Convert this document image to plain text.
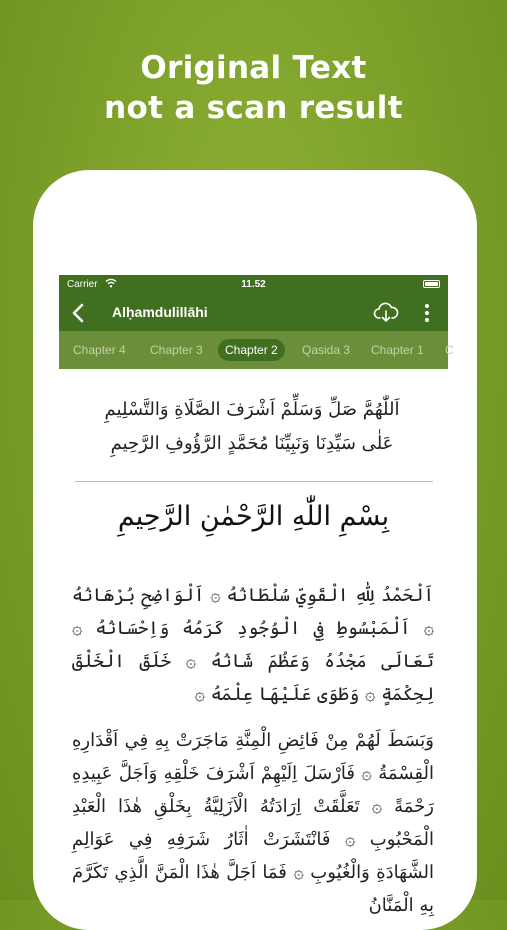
Original Text
not a scan result
Carrier	11.52
Alḥamdulillāhi
Chapter 4	Chapter 3	Chapter 2	Qasida 3	Chapter 1	C
اَللّٰهُمَّ صَلِّ وَسَلِّمْ اَشْرَفَ الصَّلَاةِ وَالتَّسْلِيمِ
عَلٰى سَيِّدِنَا وَنَبِيِّنَا مُحَمَّدٍ الرَّؤُوفِ الرَّحِيمِ
بِسْمِ اللّٰهِ الرَّحْمٰنِ الرَّحِيمِ
اَلْحَمْدُ لِلّٰهِ الْقَوِيِّ سُلْطَانُهُ ۞ اَلْوَاضِحِ بُرْهَانُهُ ۞ اَلْمَبْسُوطِ فِي الْوُجُودِ كَرَمُهُ وَاِحْسَانُهُ ۞ تَعَالَى مَجْدُهُ وَعَظُمَ شَانُهُ ۞ خَلَقَ الْخَلْقَ لِحِكْمَةٍ ۞ وَطَوَى عَلَيْهَا عِلْمَهُ ۞
وَبَسَطَ لَهُمْ مِنْ فَائِضِ الْمِنَّةِ مَاجَرَتْ بِهِ فِي اَقْدَارِهِ الْقِسْمَةُ ۞ فَاَرْسَلَ اِلَيْهِمْ اَشْرَفَ خَلْقِهِ وَاَجَلَّ عَبِيدِهِ رَحْمَةً ۞ تَعَلَّقَتْ اِرَادَتُهُ الْاَزَلِيَّةُ بِخَلْقِ هٰذَا الْعَبْدِ الْمَحْبُوبِ ۞ فَانْتَشَرَتْ اٰثَارُ شَرَفِهِ فِي عَوَالِمِ الشَّهَادَةِ وَالْغُيُوبِ ۞ فَمَا اَجَلَّ هٰذَا الْمَنَّ الَّذِي تَكَرَّمَ بِهِ الْمَنَّانُ
